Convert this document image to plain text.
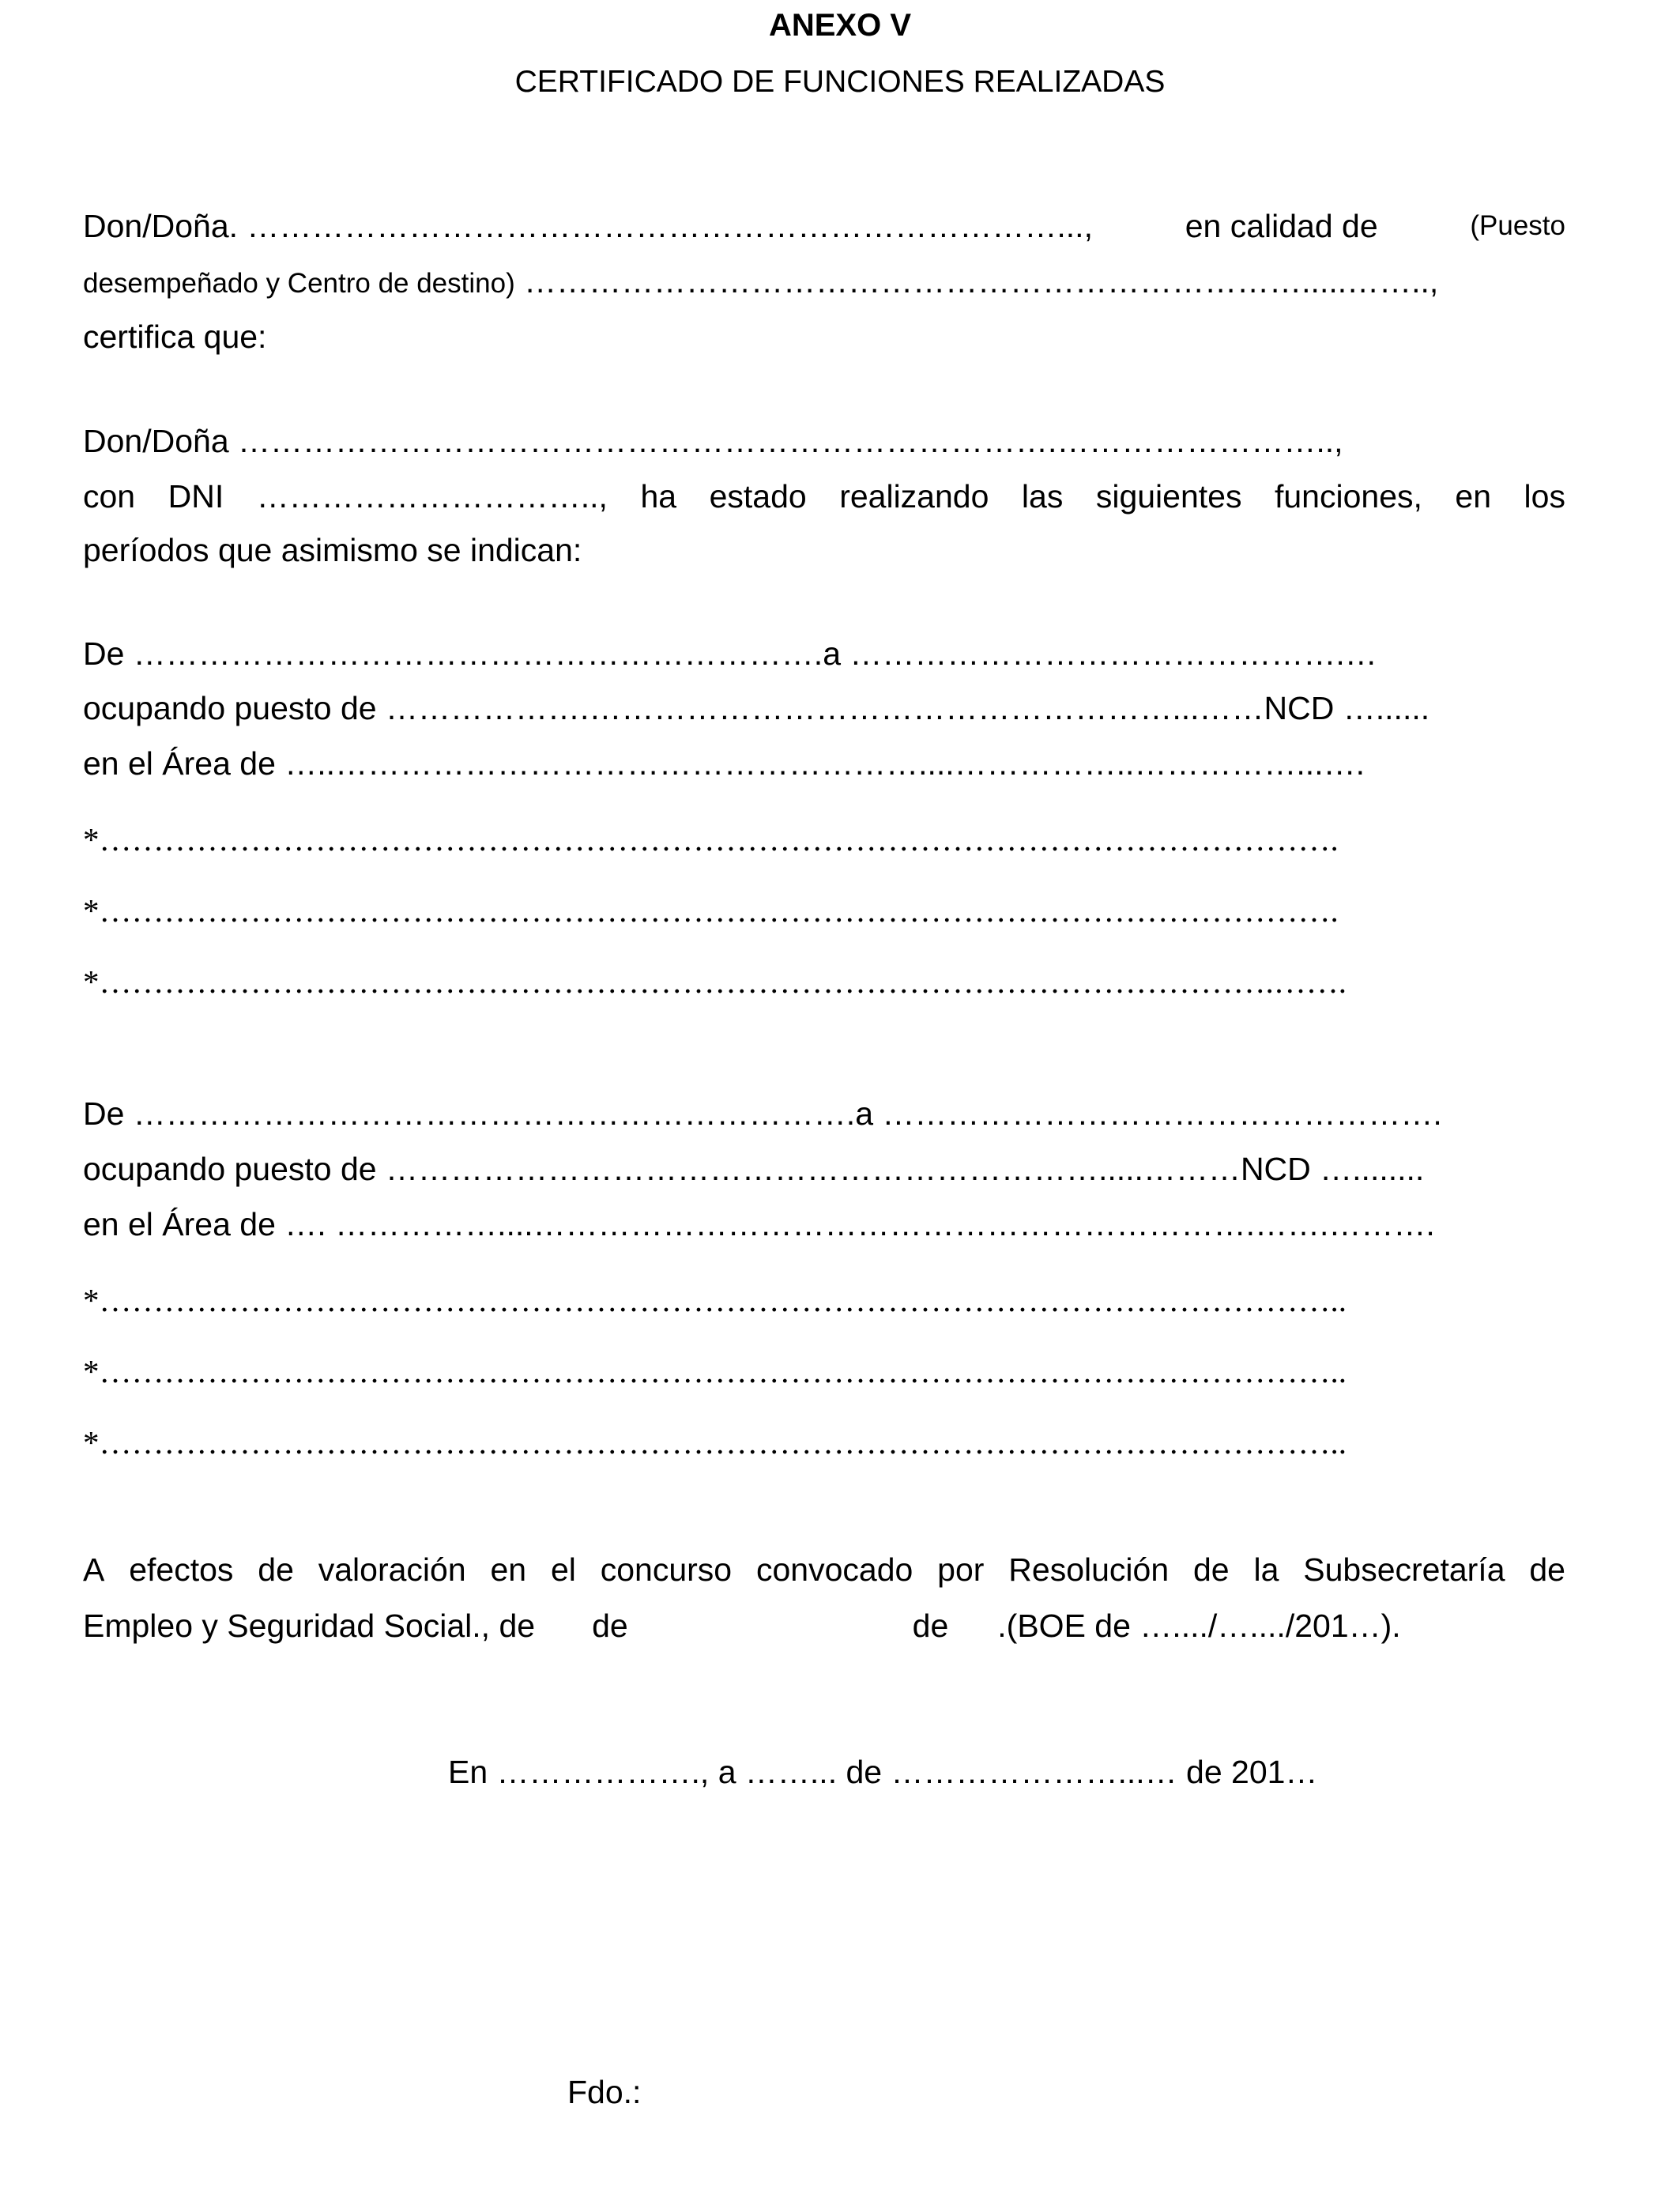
ANEXO V
CERTIFICADO DE FUNCIONES REALIZADAS
Don/Doña. …………………………………………………………………...,	en calidad de	(Puesto
desempeñado y Centro de destino) ……………………………………………………………….....……..,
certifica que:
Don/Doña ………………………………………………………………….……………………..,
con DNI ………………………….., ha estado realizando las siguientes funciones, en los
períodos que asimismo se indican:
De ……………………………………………………….a ……………………………………….…
ocupando puesto de ……………….………………………………………………...……NCD …......
en el Área de …..………………………………………………....……………..……………...….
*…………………………………………………………………………………………………….
*…………………………………………………………………………………………………….
*……………………………………………………………………………………………….…….
De ………………………………………………………….a …………………………………………….
ocupando puesto de ………………………………………………………….....………NCD …........
en el Área de …. ……………....………………………………………………………….…….……….
*……………………………………………………………………………………………………..
*……………………………………………………………………………………………………..
*……………………………………………………………………………………………………..
A efectos de valoración en el concurso convocado por Resolución de la Subsecretaría de
Empleo y Seguridad Social., de de	de .(BOE de …..../…..../201…).
En ………………., a ……... de …………………...… de 201…
Fdo.:
